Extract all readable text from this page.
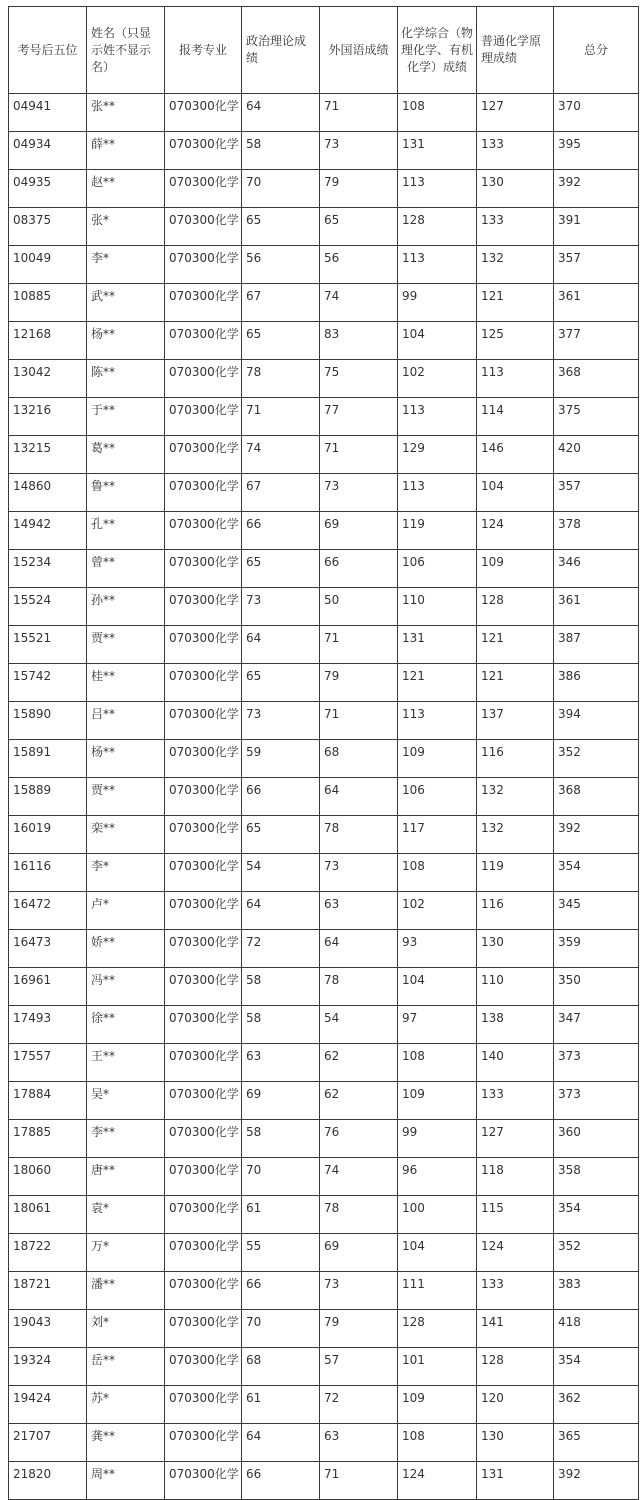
考号后五位	姓名（只显示姓不显示名）	报考专业	政治理论成绩	外国语成绩	化学综合（物理化学、有机化学）成绩	普通化学原理成绩	总分
04941	张**	070300化学	64	71	108	127	370
04934	薛**	070300化学	58	73	131	133	395
04935	赵**	070300化学	70	79	113	130	392
08375	张*	070300化学	65	65	128	133	391
10049	李*	070300化学	56	56	113	132	357
10885	武**	070300化学	67	74	99	121	361
12168	杨**	070300化学	65	83	104	125	377
13042	陈**	070300化学	78	75	102	113	368
13216	于**	070300化学	71	77	113	114	375
13215	葛**	070300化学	74	71	129	146	420
14860	鲁**	070300化学	67	73	113	104	357
14942	孔**	070300化学	66	69	119	124	378
15234	曾**	070300化学	65	66	106	109	346
15524	孙**	070300化学	73	50	110	128	361
15521	贾**	070300化学	64	71	131	121	387
15742	桂**	070300化学	65	79	121	121	386
15890	吕**	070300化学	73	71	113	137	394
15891	杨**	070300化学	59	68	109	116	352
15889	贾**	070300化学	66	64	106	132	368
16019	栾**	070300化学	65	78	117	132	392
16116	李*	070300化学	54	73	108	119	354
16472	卢*	070300化学	64	63	102	116	345
16473	娇**	070300化学	72	64	93	130	359
16961	冯**	070300化学	58	78	104	110	350
17493	徐**	070300化学	58	54	97	138	347
17557	王**	070300化学	63	62	108	140	373
17884	吴*	070300化学	69	62	109	133	373
17885	李**	070300化学	58	76	99	127	360
18060	唐**	070300化学	70	74	96	118	358
18061	袁*	070300化学	61	78	100	115	354
18722	万*	070300化学	55	69	104	124	352
18721	潘**	070300化学	66	73	111	133	383
19043	刘*	070300化学	70	79	128	141	418
19324	岳**	070300化学	68	57	101	128	354
19424	苏*	070300化学	61	72	109	120	362
21707	龚**	070300化学	64	63	108	130	365
21820	周**	070300化学	66	71	124	131	392
